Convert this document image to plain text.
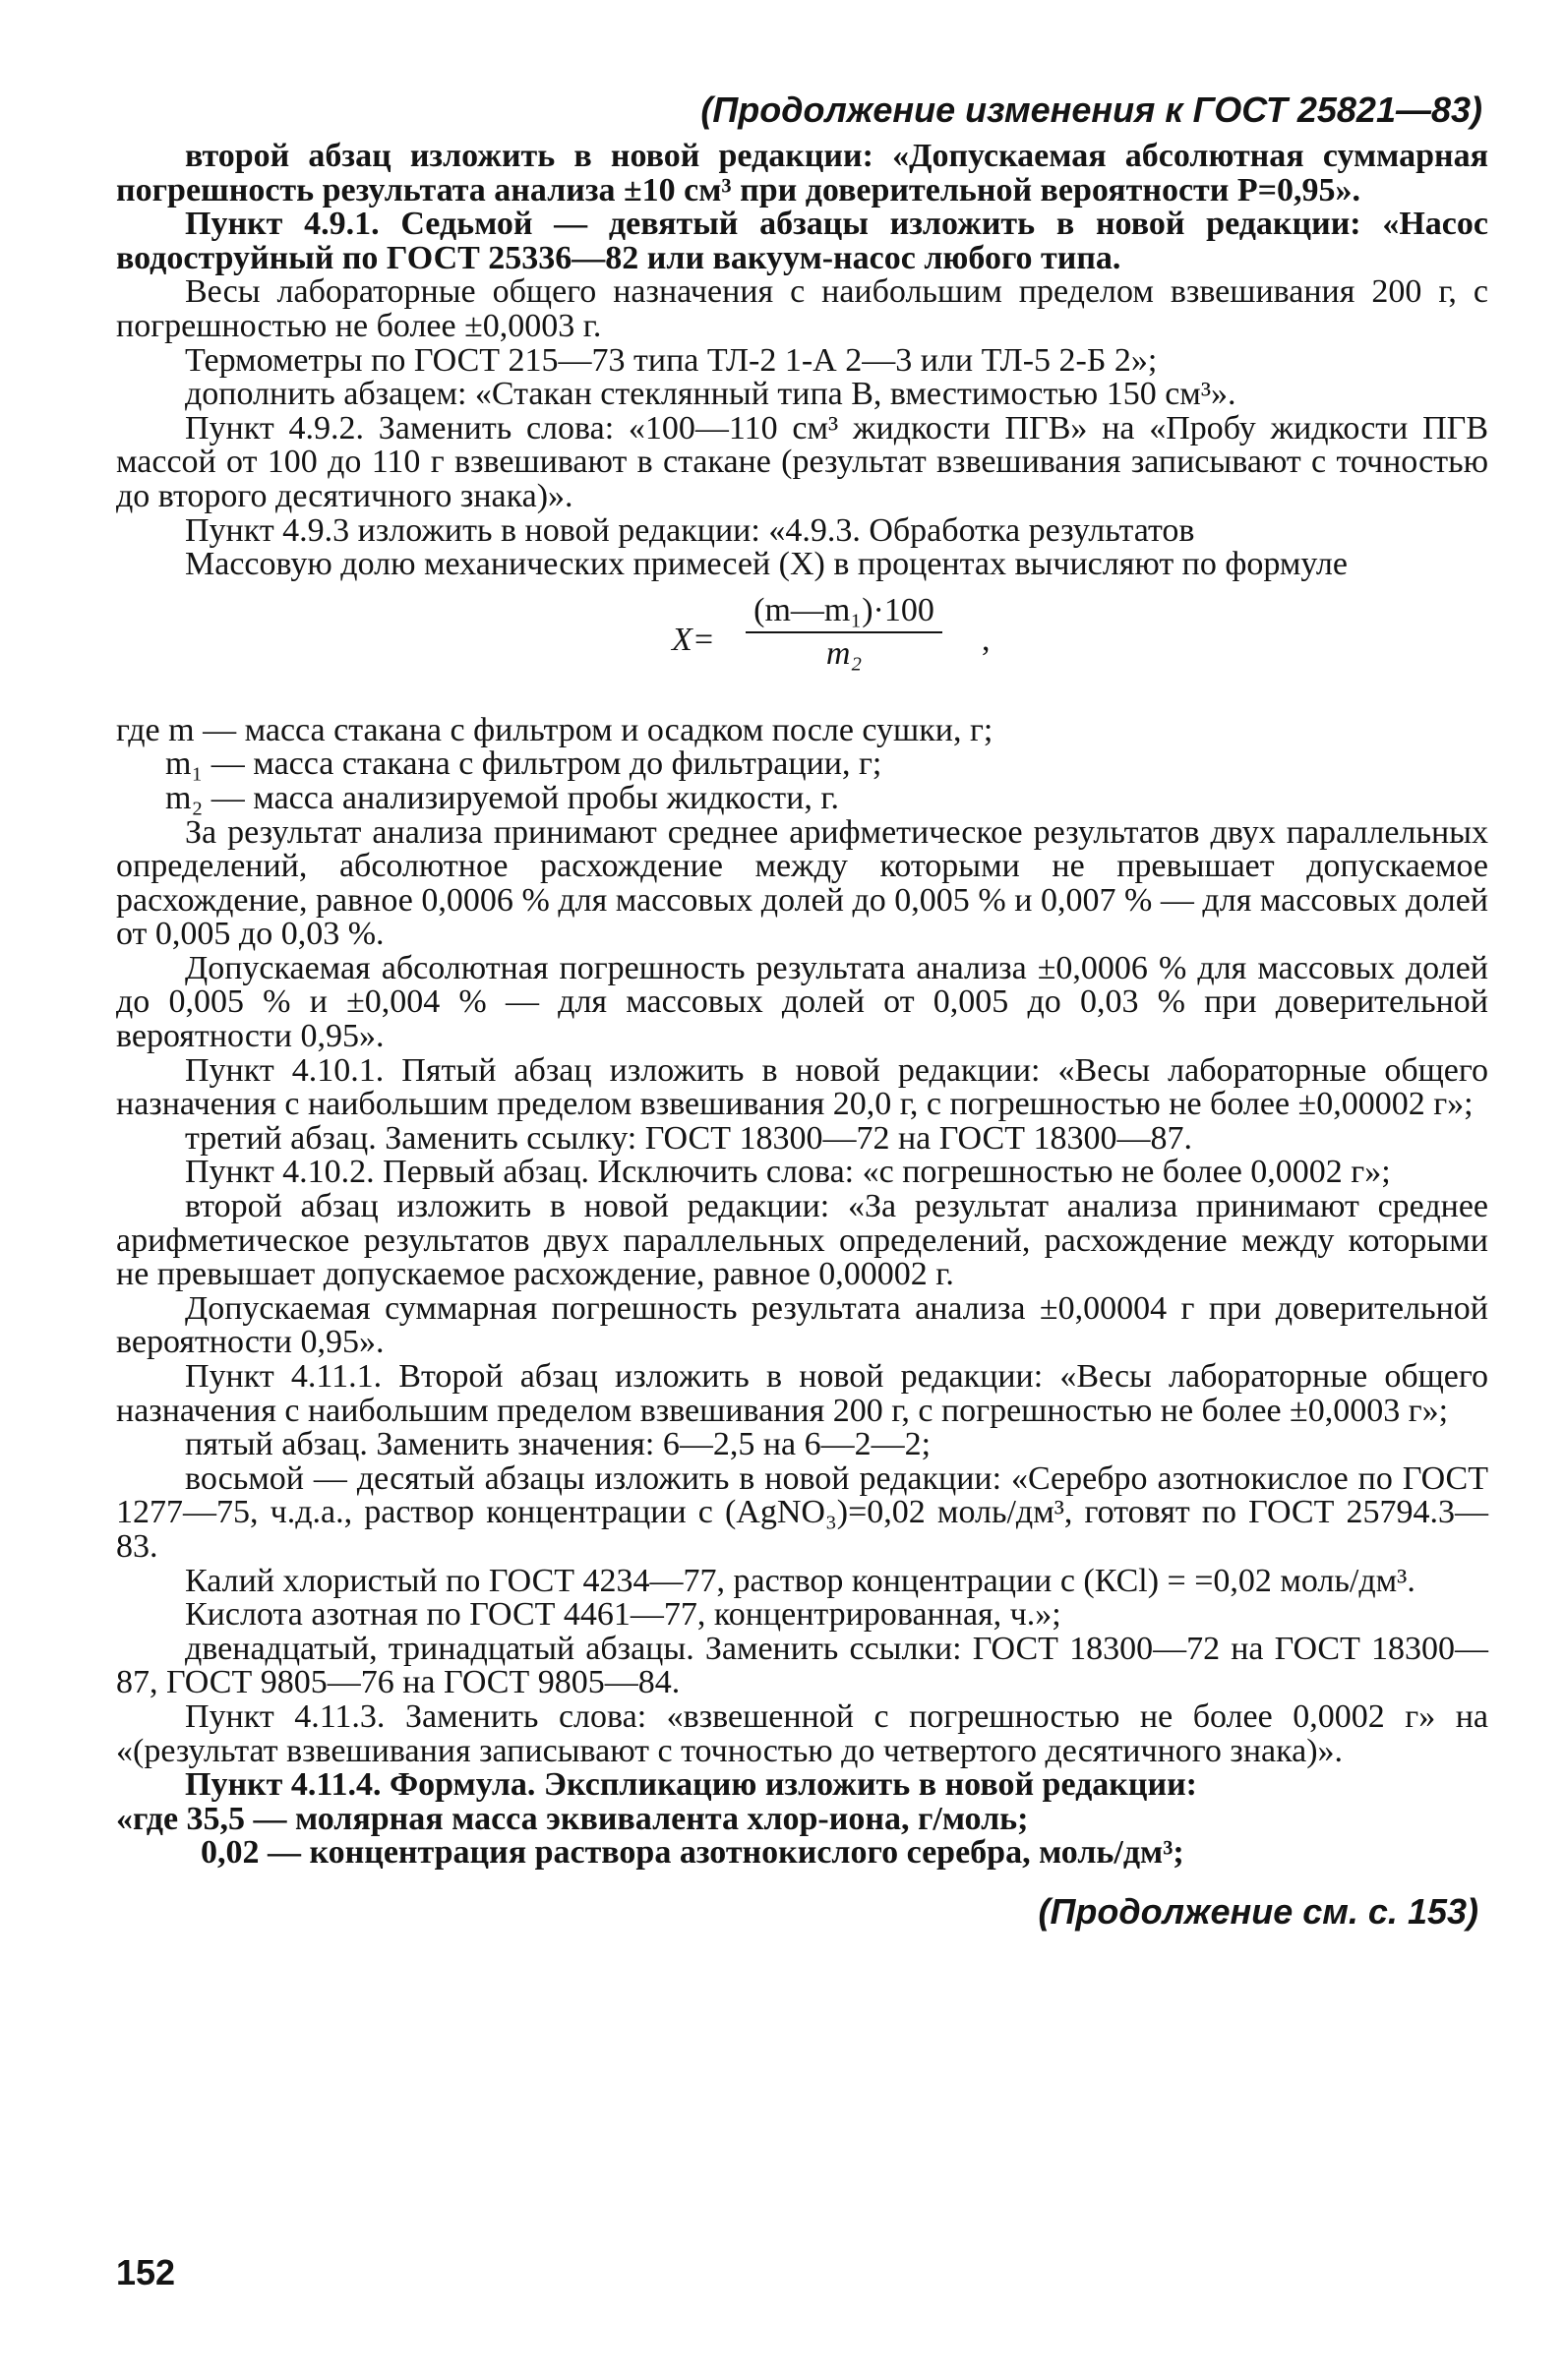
(Продолжение изменения к ГОСТ 25821—83)

второй абзац изложить в новой редакции: «Допускаемая абсолютная суммарная погрешность результата анализа ±10 см³ при доверительной вероятности Р=0,95».

Пункт 4.9.1. Седьмой — девятый абзацы изложить в новой редакции: «Насос водоструйный по ГОСТ 25336—82 или вакуум-насос любого типа.

Весы лабораторные общего назначения с наибольшим пределом взвешивания 200 г, с погрешностью не более ±0,0003 г.

Термометры по ГОСТ 215—73 типа ТЛ-2 1-А 2—3 или ТЛ-5 2-Б 2»;

дополнить абзацем: «Стакан стеклянный типа В, вместимостью 150 см³».

Пункт 4.9.2. Заменить слова: «100—110 см³ жидкости ПГВ» на «Пробу жидкости ПГВ массой от 100 до 110 г взвешивают в стакане (результат взвешивания записывают с точностью до второго десятичного знака)».

Пункт 4.9.3 изложить в новой редакции: «4.9.3. Обработка результатов

Массовую долю механических примесей (X) в процентах вычисляют по формуле

$X= \frac{\text{(m—m₁)·100}}{\text{m₂}}$ ,
где m — масса стакана с фильтром и осадком после сушки, г;
m₁ — масса стакана с фильтром до фильтрации, г;
m₂ — масса анализируемой пробы жидкости, г.

За результат анализа принимают среднее арифметическое результатов двух параллельных определений, абсолютное расхождение между которыми не превышает допускаемое расхождение, равное 0,0006 % для массовых долей до 0,005 % и 0,007 % — для массовых долей от 0,005 до 0,03 %.

Допускаемая абсолютная погрешность результата анализа ±0,0006 % для массовых долей до 0,005 % и ±0,004 % — для массовых долей от 0,005 до 0,03 % при доверительной вероятности 0,95».

Пункт 4.10.1. Пятый абзац изложить в новой редакции: «Весы лабораторные общего назначения с наибольшим пределом взвешивания 20,0 г, с погрешностью не более ±0,00002 г»;

третий абзац. Заменить ссылку: ГОСТ 18300—72 на ГОСТ 18300—87.

Пункт 4.10.2. Первый абзац. Исключить слова: «с погрешностью не более 0,0002 г»;

второй абзац изложить в новой редакции: «За результат анализа принимают среднее арифметическое результатов двух параллельных определений, расхождение между которыми не превышает допускаемое расхождение, равное 0,00002 г.

Допускаемая суммарная погрешность результата анализа ±0,00004 г при доверительной вероятности 0,95».

Пункт 4.11.1. Второй абзац изложить в новой редакции: «Весы лабораторные общего назначения с наибольшим пределом взвешивания 200 г, с погрешностью не более ±0,0003 г»;

пятый абзац. Заменить значения: 6—2,5 на 6—2—2;

восьмой — десятый абзацы изложить в новой редакции: «Серебро азотнокислое по ГОСТ 1277—75, ч.д.а., раствор концентрации с (AgNO₃)=0,02 моль/дм³, готовят по ГОСТ 25794.3—83.

Калий хлористый по ГОСТ 4234—77, раствор концентрации с (КСl) = =0,02 моль/дм³.

Кислота азотная по ГОСТ 4461—77, концентрированная, ч.»;

двенадцатый, тринадцатый абзацы. Заменить ссылки: ГОСТ 18300—72 на ГОСТ 18300—87, ГОСТ 9805—76 на ГОСТ 9805—84.

Пункт 4.11.3. Заменить слова: «взвешенной с погрешностью не более 0,0002 г» на «(результат взвешивания записывают с точностью до четвертого десятичного знака)».

Пункт 4.11.4. Формула. Экспликацию изложить в новой редакции:

«где 35,5 — молярная масса эквивалента хлор-иона, г/моль;

0,02 — концентрация раствора азотнокислого серебра, моль/дм³;

(Продолжение см. с. 153)
152
